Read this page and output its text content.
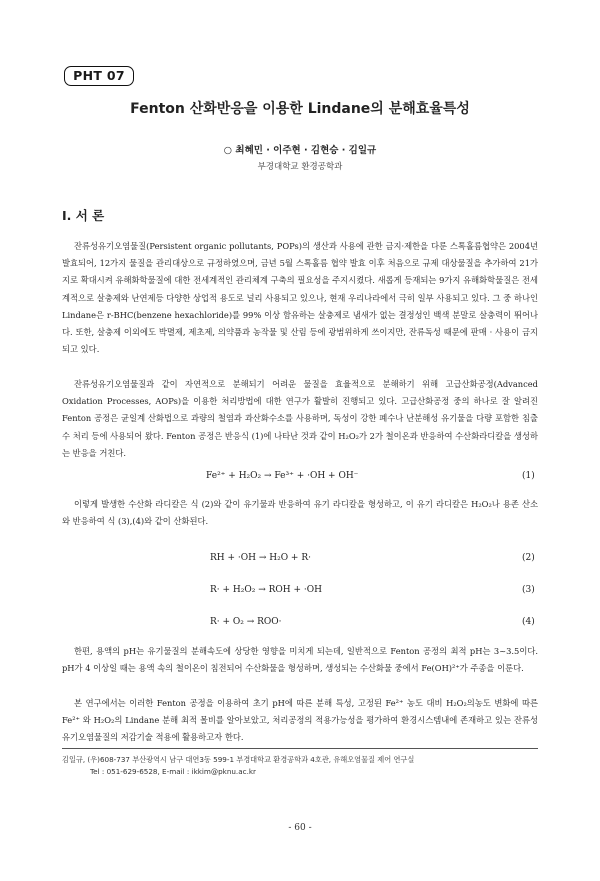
PHT 07
Fenton 산화반응을 이용한 Lindane의 분해효율특성
○ 최혜민 · 이주현 · 김현승 · 김일규
부경대학교 환경공학과
Ⅰ. 서 론

잔류성유기오염물질(Persistent organic pollutants, POPs)의 생산과 사용에 관한 금지·제한을 다룬 스톡홀름협약은 2004년 발효되어, 12가지 물질을 관리대상으로 규정하였으며, 금년 5월 스톡홀름 협약 발효 이후 처음으로 규제 대상물질을 추가하여 21가지로 확대시켜 유해화학물질에 대한 전세계적인 관리체계 구축의 필요성을 주지시켰다. 새롭게 등재되는 9가지 유해화학물질은 전세계적으로 살충제와 난연제등 다양한 상업적 용도로 널리 사용되고 있으나, 현재 우리나라에서 극히 일부 사용되고 있다. 그 중 하나인 Lindane은 r-BHC(benzene hexachloride)를 99% 이상 함유하는 살충제로 냄새가 없는 결정성인 백색 분말로 살충력이 뛰어나다. 또한, 살충제 이외에도 박멸제, 제초제, 의약품과 농작물 및 산림 등에 광범위하게 쓰이지만, 잔류독성 때문에 판매 · 사용이 금지되고 있다.

잔류성유기오염물질과 같이 자연적으로 분해되기 어려운 물질을 효율적으로 분해하기 위해 고급산화공정(Advanced Oxidation Processes, AOPs)을 이용한 처리방법에 대한 연구가 활발히 진행되고 있다. 고급산화공정 중의 하나로 잘 알려진 Fenton 공정은 균일계 산화법으로 과량의 철염과 과산화수소를 사용하며, 독성이 강한 폐수나 난분해성 유기물을 다량 포함한 침출수 처리 등에 사용되어 왔다. Fenton 공정은 반응식 (1)에 나타난 것과 같이 H₂O₂가 2가 철이온과 반응하여 수산화라디칼을 생성하는 반응을 거친다.

Fe²⁺ + H₂O₂ → Fe³⁺ + ·OH + OH⁻	(1)

이렇게 발생한 수산화 라디칼은 식 (2)와 같이 유기물과 반응하여 유기 라디칼을 형성하고, 이 유기 라디칼은 H₂O₂나 용존 산소와 반응하여 식 (3),(4)와 같이 산화된다.

RH + ·OH → H₂O + R·	(2)
R· + H₂O₂ → ROH + ·OH	(3)
R· + O₂ → ROO·	(4)

한편, 용액의 pH는 유기물질의 분해속도에 상당한 영향을 미치게 되는데, 일반적으로 Fenton 공정의 최적 pH는 3~3.5이다. pH가 4 이상일 때는 용액 속의 철이온이 침전되어 수산화물을 형성하며, 생성되는 수산화물 중에서 Fe(OH)²⁺가 주종을 이룬다.

본 연구에서는 이러한 Fenton 공정을 이용하여 초기 pH에 따른 분해 특성, 고정된 Fe²⁺ 농도 대비 H₂O₂의농도 변화에 따른 Fe²⁺ 와 H₂O₂의 Lindane 분해 최적 몰비를 알아보았고, 처리공정의 적용가능성을 평가하여 환경시스템내에 존재하고 있는 잔류성유기오염물질의 저감기술 적용에 활용하고자 한다.

김일규, (우)608-737 부산광역시 남구 대연3동 599-1 부경대학교 환경공학과 4호관, 유해오염물질 제어 연구실
Tel : 051-629-6528, E-mail : ikkim@pknu.ac.kr
- 60 -
